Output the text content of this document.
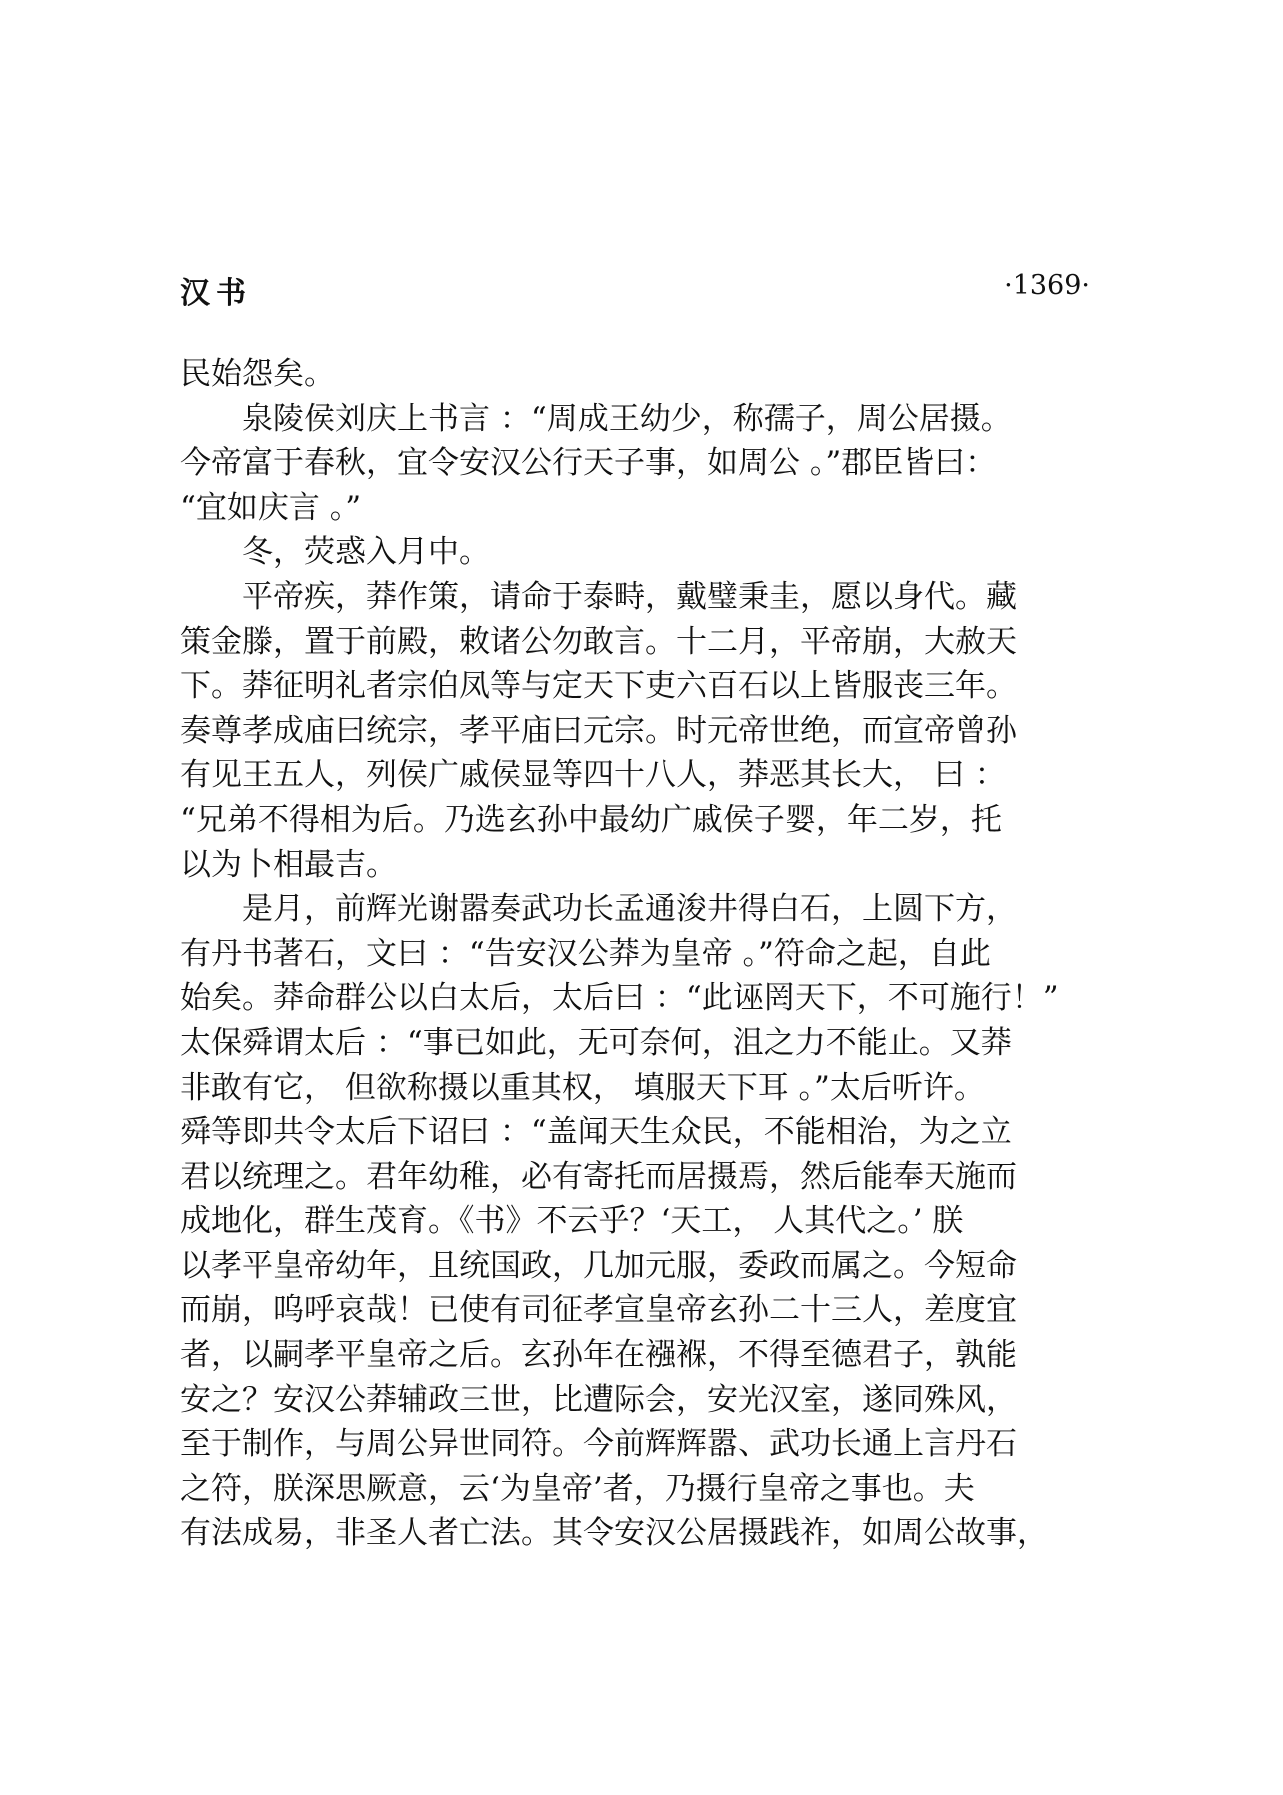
汉书	·1369·
民始怨矣。
　　泉陵侯刘庆上书言 ：“周成王幼少，称孺子，周公居摄。
今帝富于春秋，宜令安汉公行天子事，如周公 。”郡臣皆曰：
“宜如庆言 。”
　　冬，荧惑入月中。
　　平帝疾，莽作策，请命于泰畤，戴璧秉圭，愿以身代。藏
策金滕，置于前殿，敕诸公勿敢言。十二月，平帝崩，大赦天
下。莽征明礼者宗伯凤等与定天下吏六百石以上皆服丧三年。
奏尊孝成庙曰统宗，孝平庙曰元宗。时元帝世绝，而宣帝曾孙
有见王五人，列侯广戚侯显等四十八人，莽恶其长大， 曰 ：
“兄弟不得相为后。乃选玄孙中最幼广戚侯子婴，年二岁，托
以为卜相最吉。
　　是月，前辉光谢嚣奏武功长孟通浚井得白石，上圆下方，
有丹书著石，文曰 ：“告安汉公莽为皇帝 。”符命之起，自此
始矣。莽命群公以白太后，太后曰 ：“此诬罔天下，不可施行！”
太保舜谓太后 ：“事已如此，无可奈何，沮之力不能止。又莽
非敢有它， 但欲称摄以重其权， 填服天下耳 。”太后听许。
舜等即共令太后下诏曰 ：“盖闻天生众民，不能相治，为之立
君以统理之。君年幼稚，必有寄托而居摄焉，然后能奉天施而
成地化，群生茂育。《书》不云乎？‘天工， 人其代之。’ 朕
以孝平皇帝幼年，且统国政，几加元服，委政而属之。今短命
而崩，呜呼哀哉！已使有司征孝宣皇帝玄孙二十三人，差度宜
者，以嗣孝平皇帝之后。玄孙年在襁褓，不得至德君子，孰能
安之？安汉公莽辅政三世，比遭际会，安光汉室，遂同殊风，
至于制作，与周公异世同符。今前辉辉嚣、武功长通上言丹石
之符，朕深思厥意，云‘为皇帝’者，乃摄行皇帝之事也。夫
有法成易，非圣人者亡法。其令安汉公居摄践祚，如周公故事，
